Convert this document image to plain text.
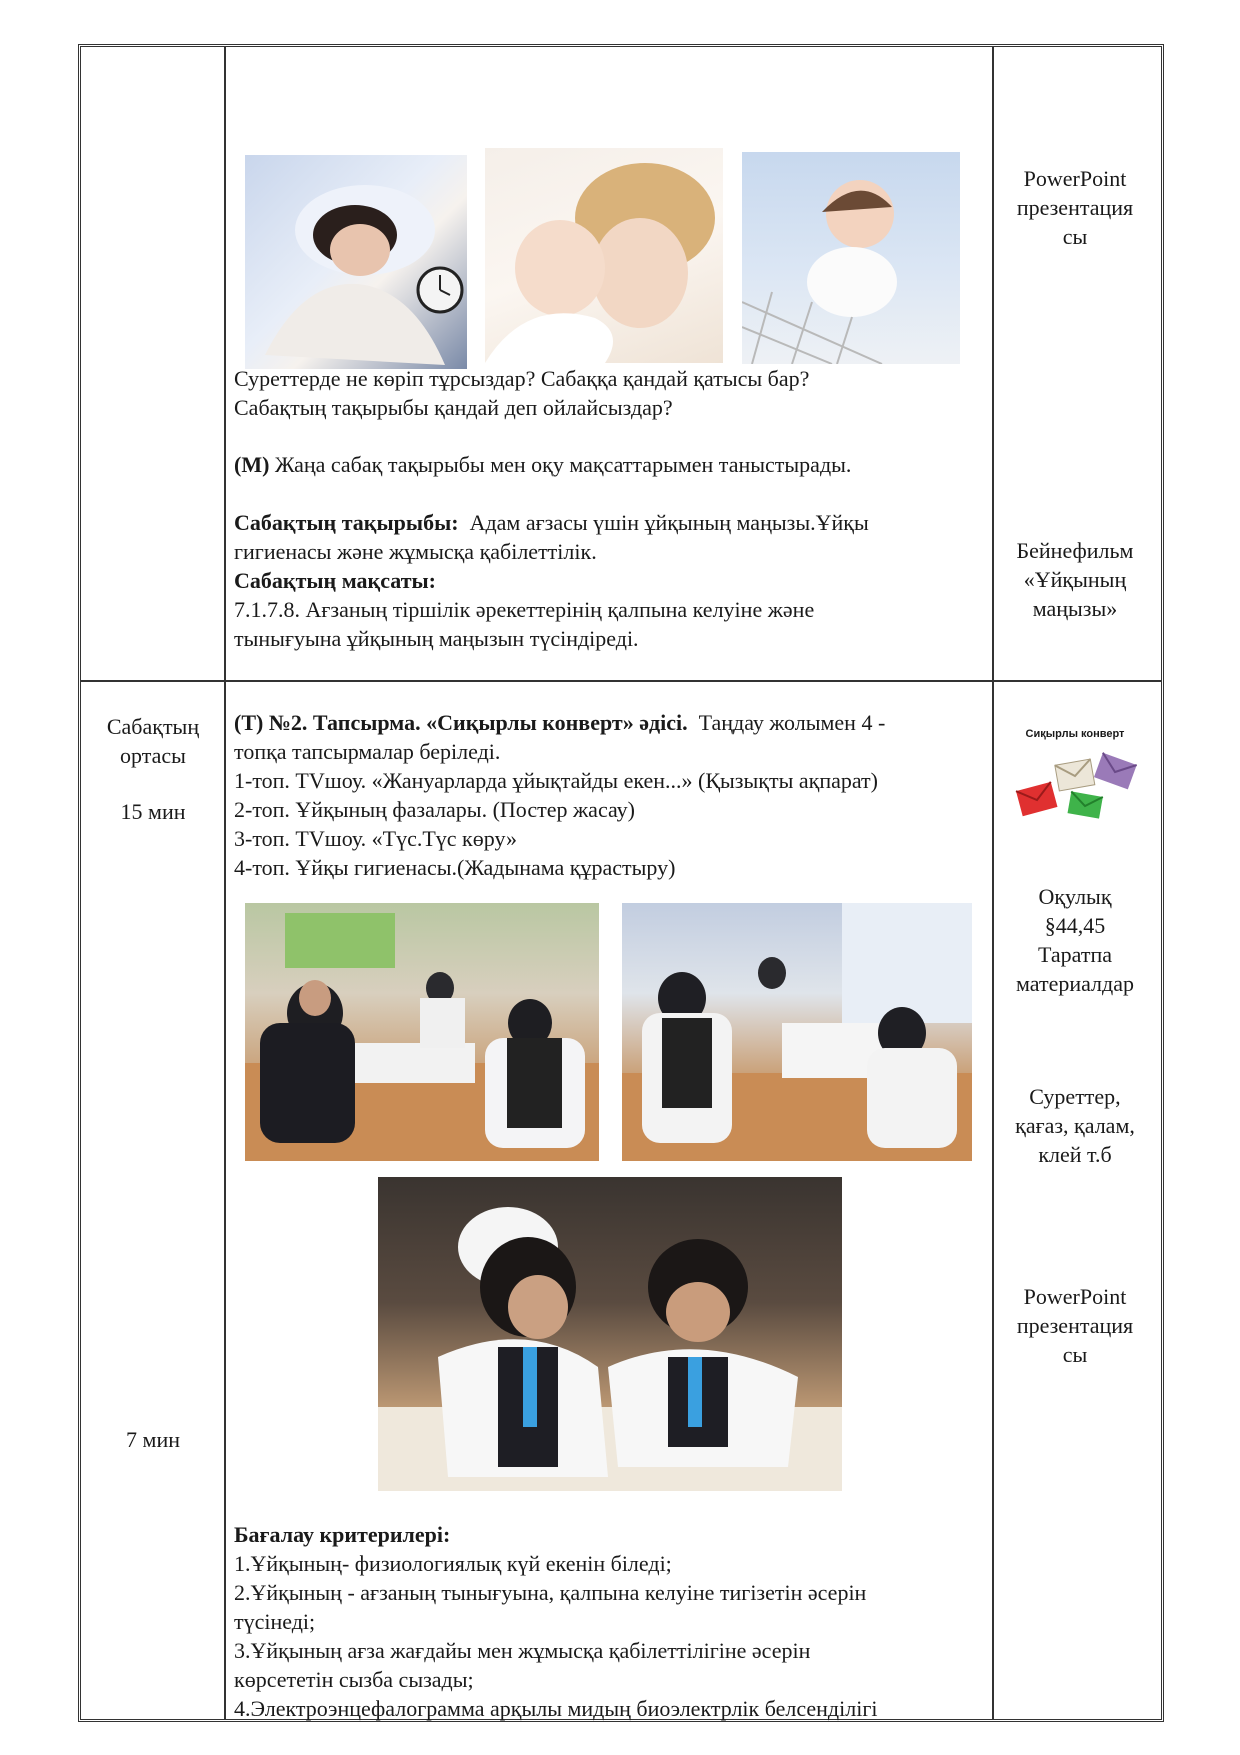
Суреттерде не көріп тұрсыздар? Сабаққа қандай қатысы бар?
Сабақтың тақырыбы қандай деп ойлайсыздар?
(М) Жаңа сабақ тақырыбы мен оқу мақсаттарымен таныстырады.
Сабақтың тақырыбы: Адам ағзасы үшін ұйқының маңызы.Ұйқы
гигиенасы және жұмысқа қабілеттілік.
Сабақтың мақсаты:
7.1.7.8. Ағзаның тіршілік әрекеттерінің қалпына келуіне және
тынығуына ұйқының маңызын түсіндіреді.
PowerPoint
презентация
сы
Бейнефильм
«Ұйқының
маңызы»
Сабақтың
ортасы
15 мин
7 мин
(Т) №2. Тапсырма. «Сиқырлы конверт» әдісі. Таңдау жолымен 4 -
топқа тапсырмалар беріледі.
1-топ. TVшоу. «Жануарларда ұйықтайды екен...» (Қызықты ақпарат)
2-топ. Ұйқының фазалары. (Постер жасау)
3-топ. TVшоу. «Түс.Түс көру»
4-топ. Ұйқы гигиенасы.(Жадынама құрастыру)
Бағалау критерилері:
1.Ұйқының- физиологиялық күй екенін біледі;
2.Ұйқының - ағзаның тынығуына, қалпына келуіне тигізетін әсерін
түсінеді;
3.Ұйқының ағза жағдайы мен жұмысқа қабілеттілігіне әсерін
көрсететін сызба сызады;
4.Электроэнцефалограмма арқылы мидың биоэлектрлік белсенділігі
Сиқырлы конверт
Оқулық
§44,45
Таратпа
материалдар
Суреттер,
қағаз, қалам,
клей т.б
PowerPoint
презентация
сы
